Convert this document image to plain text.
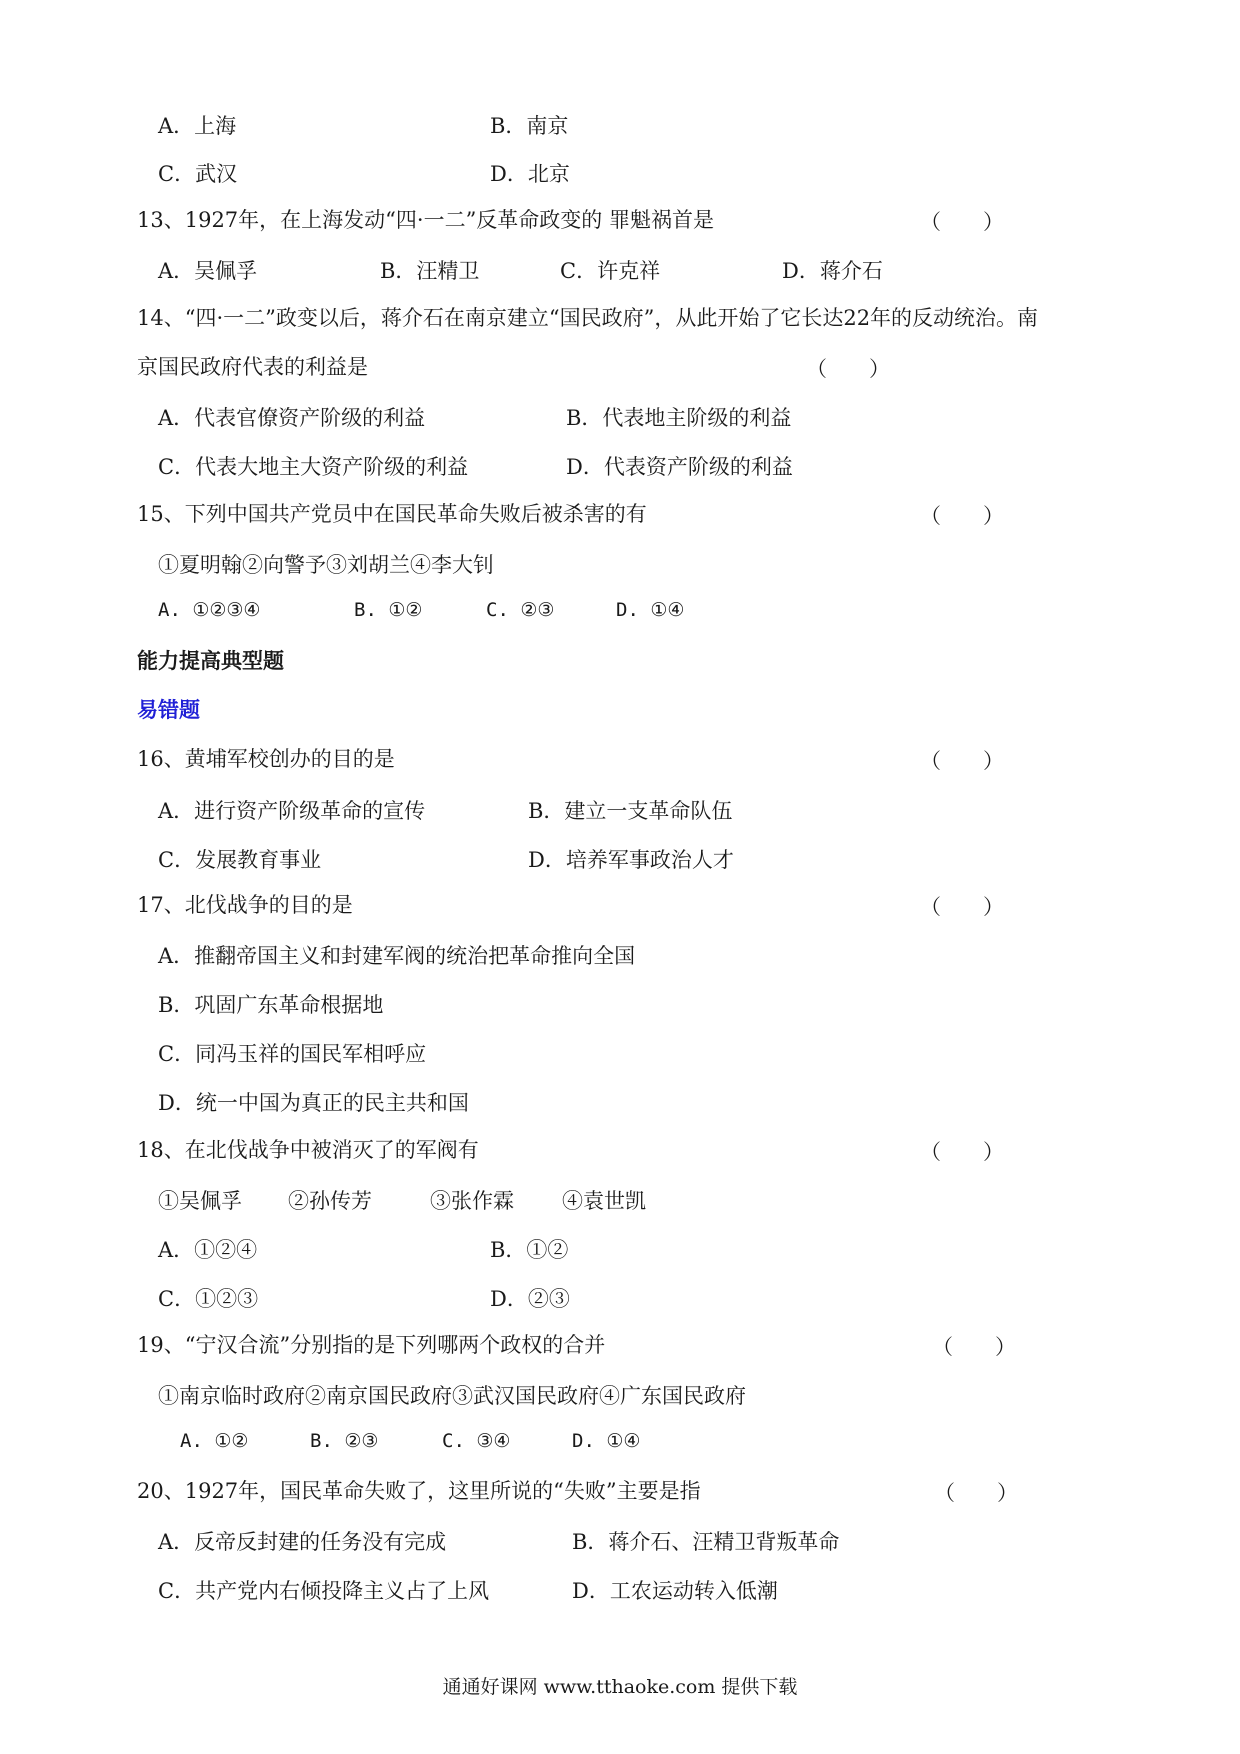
A．上海	B．南京
C．武汉	D．北京
13、1927年，在上海发动“四·一二”反革命政变的 罪魁祸首是	（　　）
A．吴佩孚	B．汪精卫	C．许克祥	D．蒋介石
14、“四·一二”政变以后，蒋介石在南京建立“国民政府”，从此开始了它长达22年的反动统治。南
京国民政府代表的利益是	（　　）
A．代表官僚资产阶级的利益	B．代表地主阶级的利益
C．代表大地主大资产阶级的利益	D．代表资产阶级的利益
15、下列中国共产党员中在国民革命失败后被杀害的有	（　　）
①夏明翰②向警予③刘胡兰④李大钊
A. ①②③④	B. ①②	C. ②③	D. ①④
能力提高典型题
易错题
16、黄埔军校创办的目的是	（　　）
A．进行资产阶级革命的宣传	B．建立一支革命队伍
C．发展教育事业	D．培养军事政治人才
17、北伐战争的目的是	（　　）
A．推翻帝国主义和封建军阀的统治把革命推向全国
B．巩固广东革命根据地
C．同冯玉祥的国民军相呼应
D．统一中国为真正的民主共和国
18、在北伐战争中被消灭了的军阀有	（　　）
①吴佩孚 ②孙传芳	③张作霖 ④袁世凯
A．①②④	B．①②
C．①②③	D．②③
19、“宁汉合流”分别指的是下列哪两个政权的合并	（　　）
①南京临时政府②南京国民政府③武汉国民政府④广东国民政府
A. ①②	B. ②③	C. ③④	D. ①④
20、1927年，国民革命失败了，这里所说的“失败”主要是指	（　　）
A．反帝反封建的任务没有完成	B．蒋介石、汪精卫背叛革命
C．共产党内右倾投降主义占了上风	D．工农运动转入低潮
通通好课网 www.tthaoke.com 提供下载
